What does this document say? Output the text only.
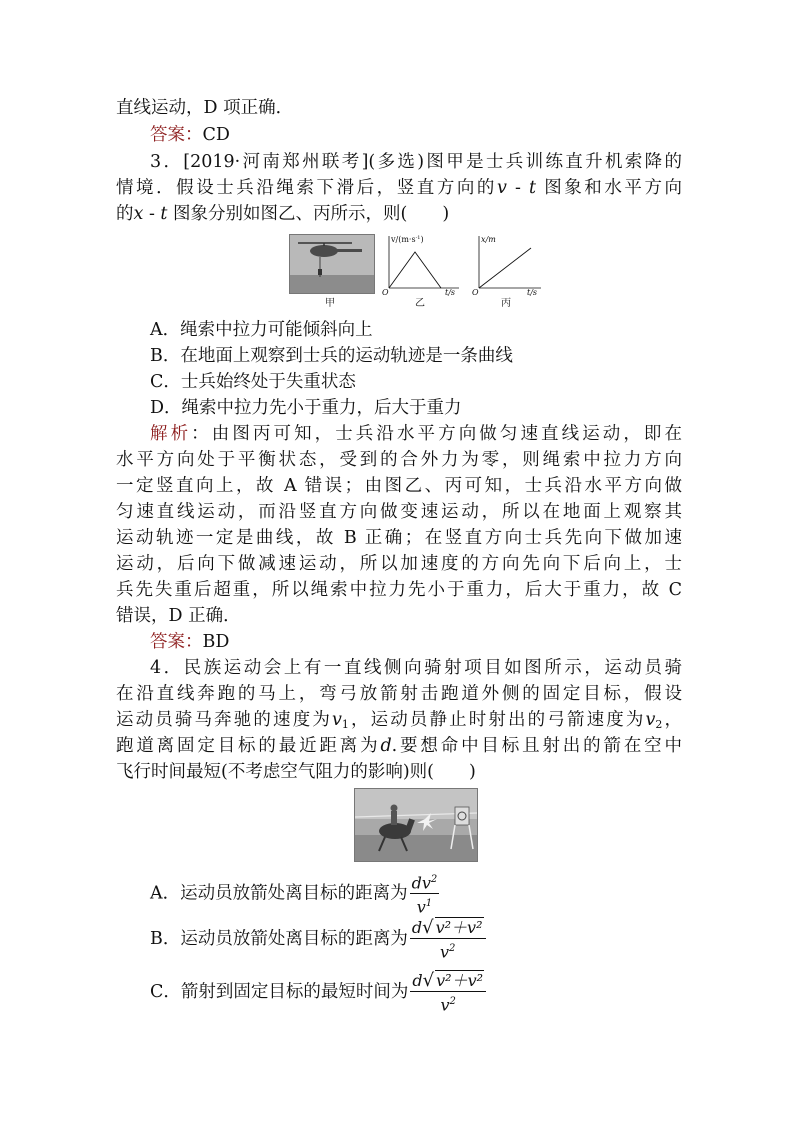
直线运动，D 项正确．
答案：CD
3．[2019·河南郑州联考](多选)图甲是士兵训练直升机索降的
情境．假设士兵沿绳索下滑后，竖直方向的v - t 图象和水平方向
的x - t 图象分别如图乙、丙所示，则(　　)
甲
$v/(m\cdot s^{-1})$
t/s
O
乙
x/m
t/s
O
丙
A．绳索中拉力可能倾斜向上
B．在地面上观察到士兵的运动轨迹是一条曲线
C．士兵始终处于失重状态
D．绳索中拉力先小于重力，后大于重力
解析：由图丙可知，士兵沿水平方向做匀速直线运动，即在
水平方向处于平衡状态，受到的合外力为零，则绳索中拉力方向
一定竖直向上，故 A 错误；由图乙、丙可知，士兵沿水平方向做
匀速直线运动，而沿竖直方向做变速运动，所以在地面上观察其
运动轨迹一定是曲线，故 B 正确；在竖直方向士兵先向下做加速
运动，后向下做减速运动，所以加速度的方向先向下后向上，士
兵先失重后超重，所以绳索中拉力先小于重力，后大于重力，故 C
错误，D 正确．
答案：BD
4．民族运动会上有一直线侧向骑射项目如图所示，运动员骑
在沿直线奔跑的马上，弯弓放箭射击跑道外侧的固定目标，假设
运动员骑马奔驰的速度为$v_1$，运动员静止时射出的弓箭速度为$v_2$，
跑道离固定目标的最近距离为d.要想命中目标且射出的箭在空中
飞行时间最短(不考虑空气阻力的影响)则(　　)
A．运动员放箭处离目标的距离为 $\frac{dv^2}{v^1}$
B．运动员放箭处离目标的距离为 $\frac{\text{d√ v²＋v²}}{v^2}$
C．箭射到固定目标的最短时间为 $\frac{\text{d√ v²＋v²}}{v^2}$
